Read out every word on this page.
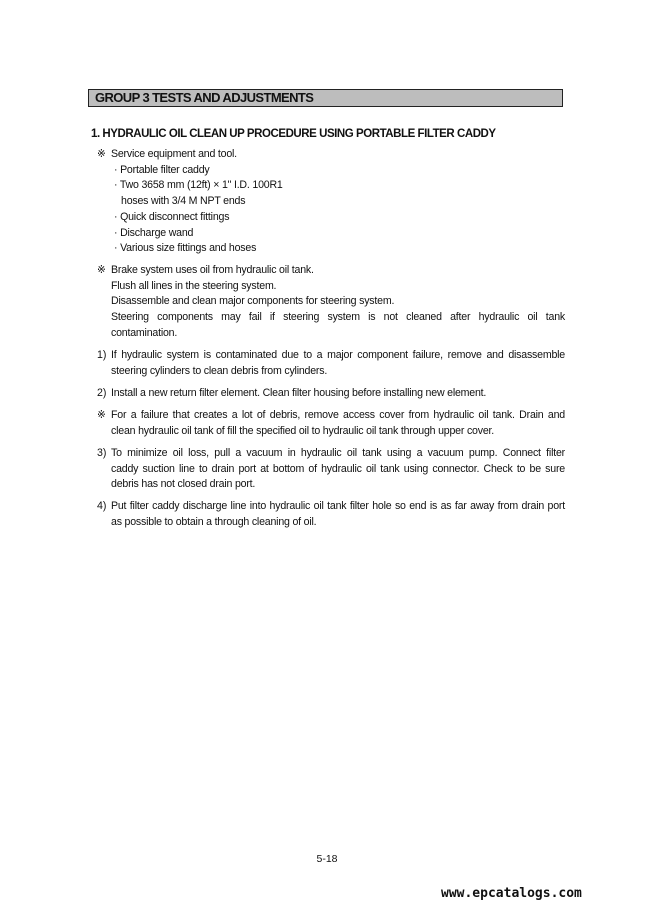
GROUP 3 TESTS AND ADJUSTMENTS
1. HYDRAULIC OIL CLEAN UP PROCEDURE USING PORTABLE FILTER CADDY
※ Service equipment and tool.
· Portable filter caddy
· Two 3658 mm (12ft) × 1" I.D. 100R1
hoses with 3/4 M NPT ends
· Quick disconnect fittings
· Discharge wand
· Various size fittings and hoses
※ Brake system uses oil from hydraulic oil tank.
Flush all lines in the steering system.
Disassemble and clean major components for steering system.
Steering components may fail if steering system is not cleaned after hydraulic oil tank
contamination.
1) If hydraulic system is contaminated due to a major component failure, remove and disassemble
steering cylinders to clean debris from cylinders.
2) Install a new return filter element. Clean filter housing before installing new element.
※ For a failure that creates a lot of debris, remove access cover from hydraulic oil tank. Drain and
clean hydraulic oil tank of fill the specified oil to hydraulic oil tank through upper cover.
3) To minimize oil loss, pull a vacuum in hydraulic oil tank using a vacuum pump. Connect filter
caddy suction line to drain port at bottom of hydraulic oil tank using connector. Check to be sure
debris has not closed drain port.
4) Put filter caddy discharge line into hydraulic oil tank filter hole so end is as far away from drain port
as possible to obtain a through cleaning of oil.
5-18
www.epcatalogs.com
